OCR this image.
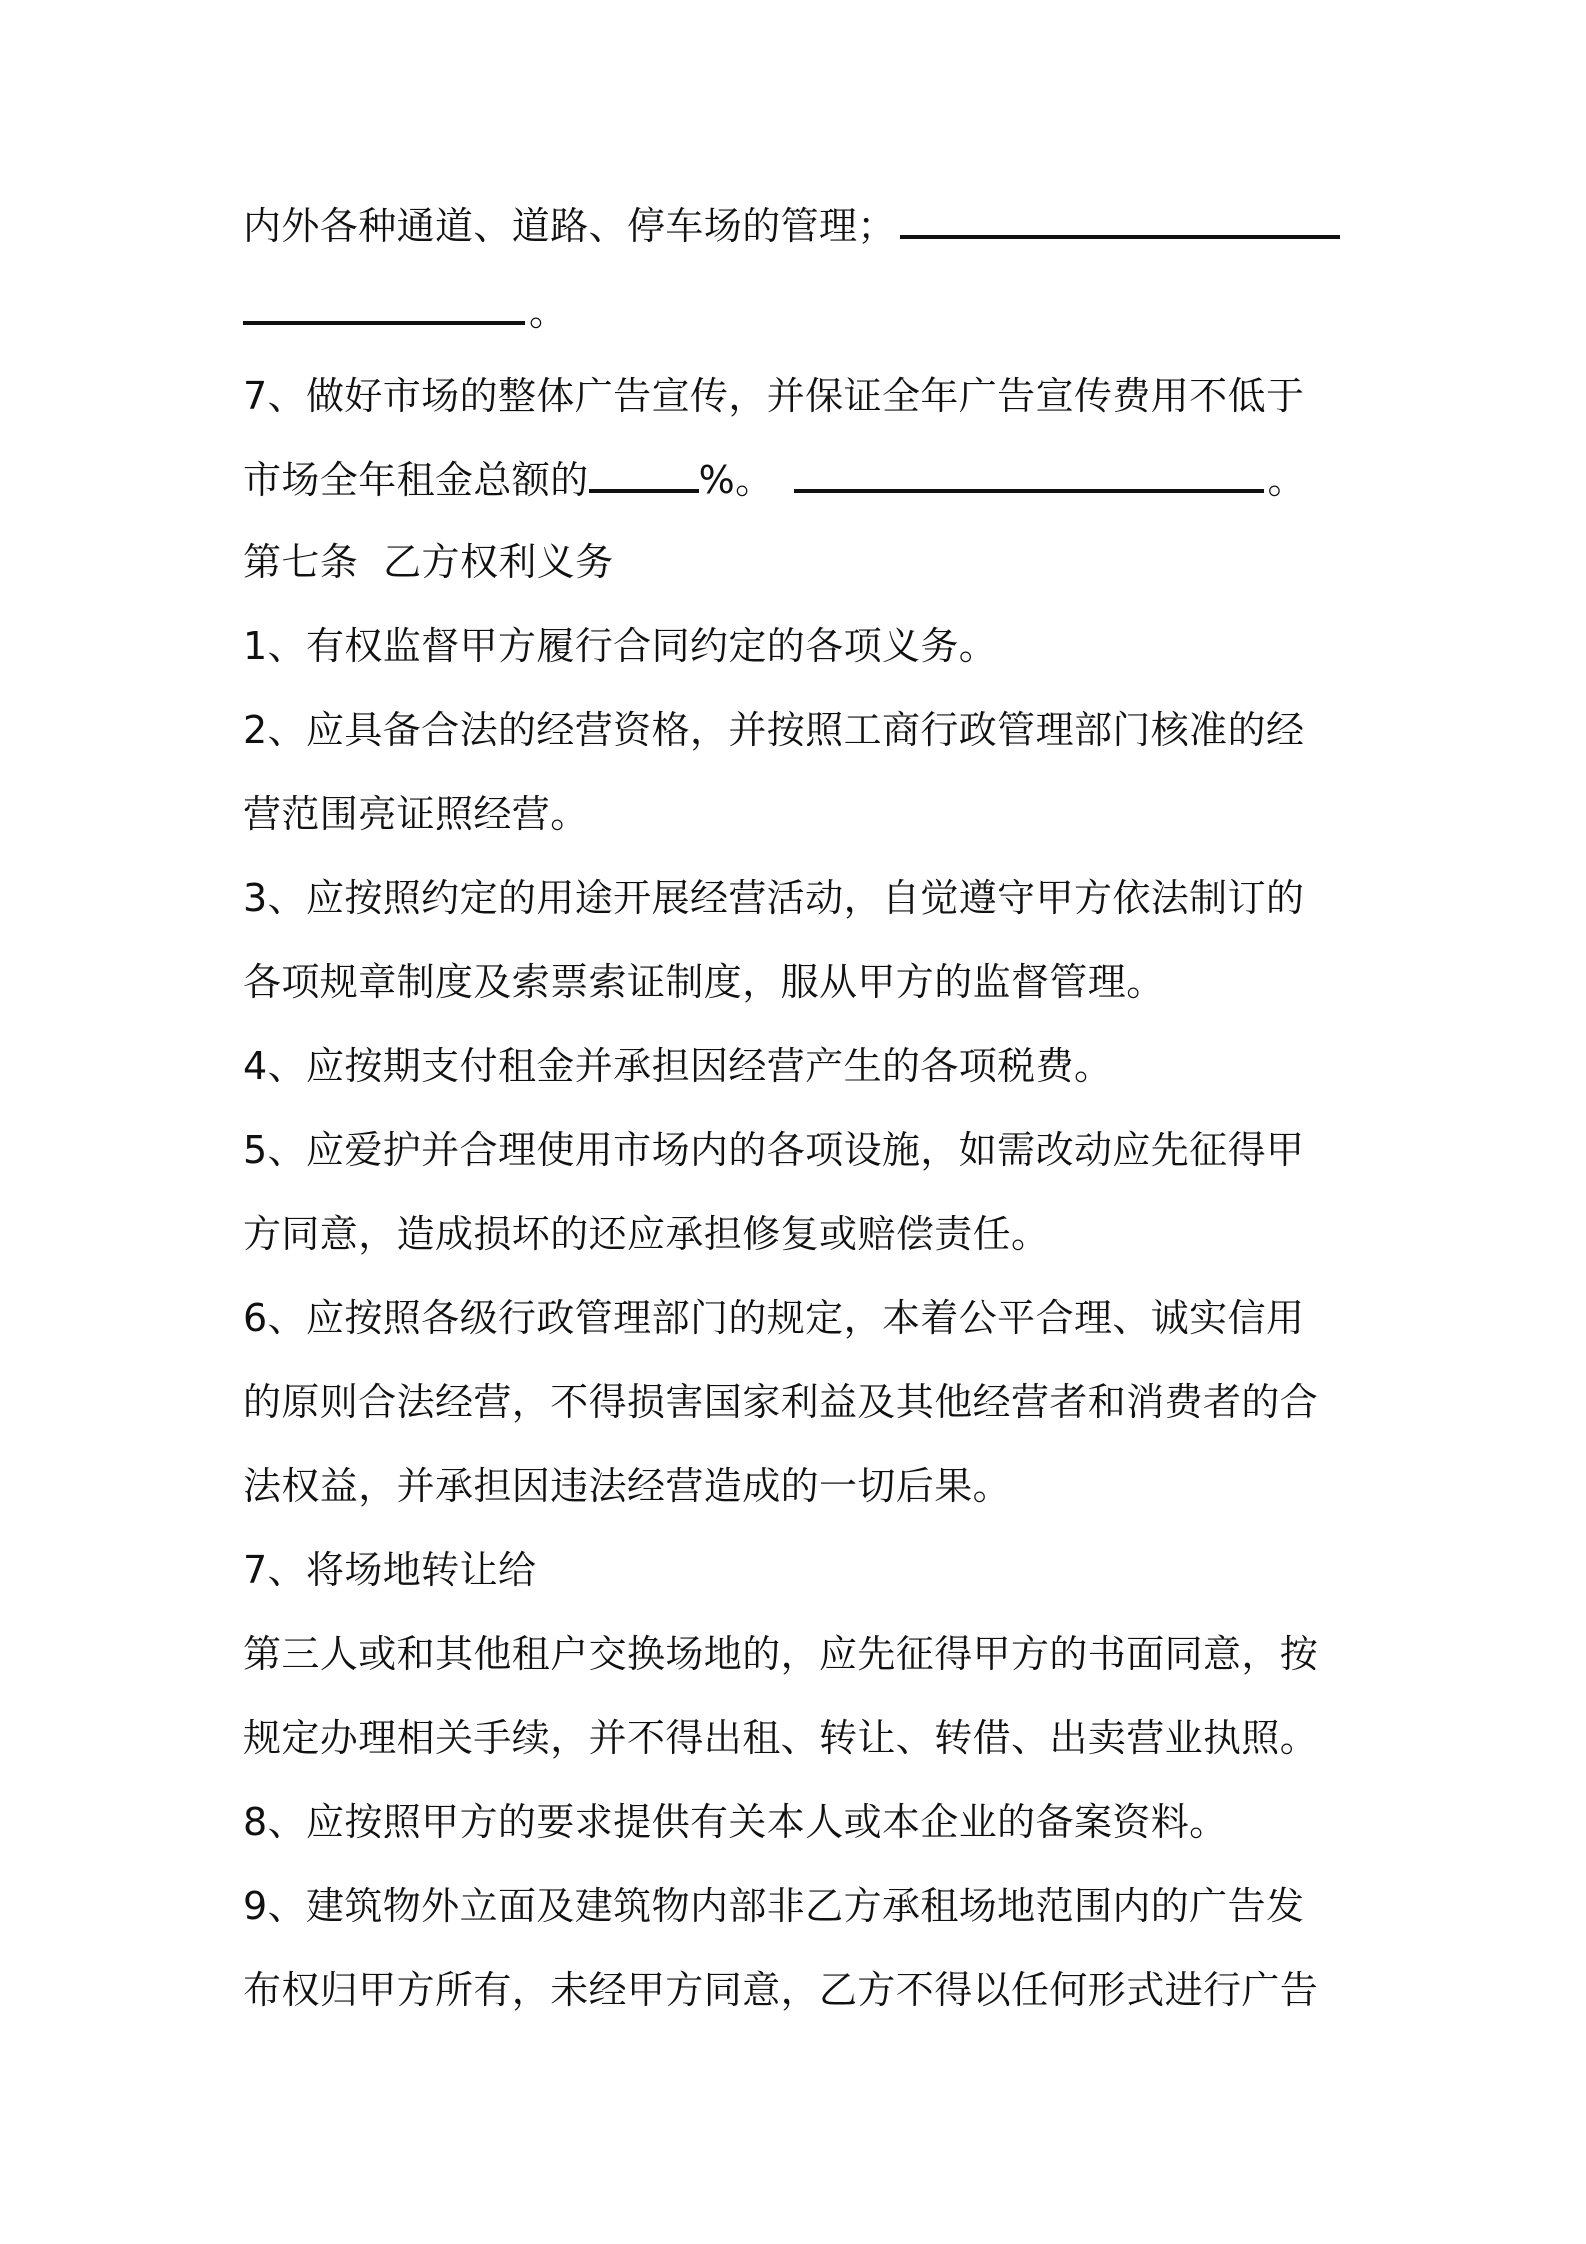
内外各种通道、道路、停车场的管理；
。
7、做好市场的整体广告宣传，并保证全年广告宣传费用不低于
市场全年租金总额的	%。	。
第七条  乙方权利义务
1、有权监督甲方履行合同约定的各项义务。
2、应具备合法的经营资格，并按照工商行政管理部门核准的经
营范围亮证照经营。
3、应按照约定的用途开展经营活动，自觉遵守甲方依法制订的
各项规章制度及索票索证制度，服从甲方的监督管理。
4、应按期支付租金并承担因经营产生的各项税费。
5、应爱护并合理使用市场内的各项设施，如需改动应先征得甲
方同意，造成损坏的还应承担修复或赔偿责任。
6、应按照各级行政管理部门的规定，本着公平合理、诚实信用
的原则合法经营，不得损害国家利益及其他经营者和消费者的合
法权益，并承担因违法经营造成的一切后果。
7、将场地转让给
第三人或和其他租户交换场地的，应先征得甲方的书面同意，按
规定办理相关手续，并不得出租、转让、转借、出卖营业执照。
8、应按照甲方的要求提供有关本人或本企业的备案资料。
9、建筑物外立面及建筑物内部非乙方承租场地范围内的广告发
布权归甲方所有，未经甲方同意，乙方不得以任何形式进行广告
